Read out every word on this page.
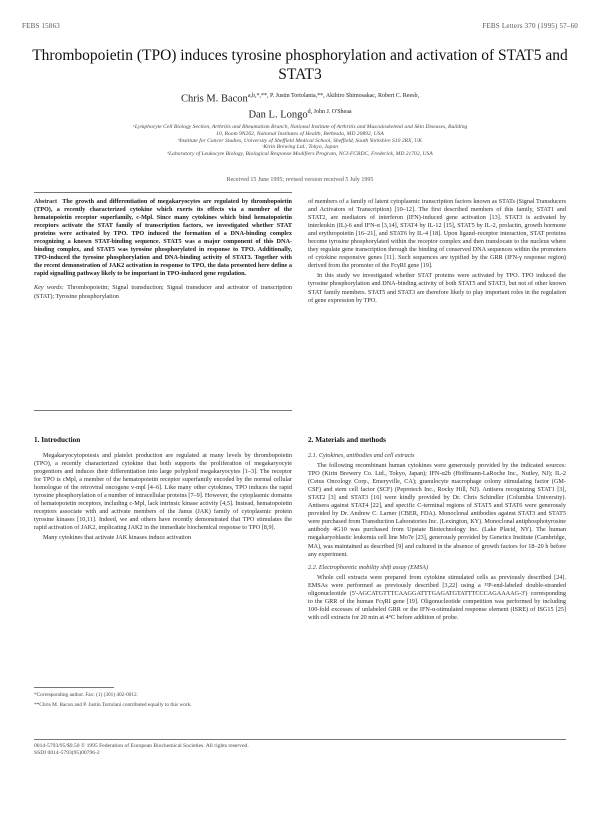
FEBS 15863	FEBS Letters 370 (1995) 57–60
Thrombopoietin (TPO) induces tyrosine phosphorylation and activation of STAT5 and STAT3
Chris M. Bacon$^{a,b,*,**, P. Justin Tortolania,**, Akihiro Shimosakac, Robert C. Reesb,}$
Dan L. Longo$^{d, John J. O'Sheaa}$
ᵃLymphocyte Cell Biology Section, Arthritis and Rheumatism Branch, National Institute of Arthritis and Musculoskeletal and Skin Diseases, Building
10, Room 9N262, National Institutes of Health, Bethesda, MD 20892, USA
ᵇInstitute for Cancer Studies, University of Sheffield Medical School, Sheffield, South Yorkshire S10 2RX, UK
ᶜKirin Brewing Ltd., Tokyo, Japan
ᵈLaboratory of Leukocyte Biology, Biological Response Modifiers Program, NCI-FCRDC, Frederick, MD 21702, USA
Received 15 June 1995; revised version received 5 July 1995

Abstract The growth and differentiation of megakaryocytes are regulated by thrombopoietin (TPO), a recently characterized cytokine which exerts its effects via a member of the hematopoietin receptor superfamily, c-Mpl. Since many cytokines which bind hematopoietin receptors activate the STAT family of transcription factors, we investigated whether STAT proteins were activated by TPO. TPO induced the formation of a DNA-binding complex recognizing a known STAT-binding sequence. STAT5 was a major component of this DNA-binding complex, and STAT5 was tyrosine phosphorylated in response to TPO. Additionally, TPO-induced the tyrosine phosphorylation and DNA-binding activity of STAT3. Together with the recent demonstration of JAK2 activation in response to TPO, the data presented here define a rapid signalling pathway likely to be important in TPO-induced gene regulation.

Key words: Thrombopoietin; Signal transduction; Signal transducer and activator of transcription (STAT); Tyrosine phosphorylation

of members of a family of latent cytoplasmic transcription factors known as STATs (Signal Transducers and Activators of Transcription) [10–12]. The first described members of this family, STAT1 and STAT2, are mediators of interferon (IFN)-induced gene activation [13]. STAT3 is activated by interleukin (IL)-6 and IFN-α [3,14], STAT4 by IL-12 [15], STAT5 by IL-2, prolactin, growth hormone and erythropoietin [16–21], and STAT6 by IL-4 [18]. Upon ligand–receptor interaction, STAT proteins become tyrosine phosphorylated within the receptor complex and then translocate to the nucleus where they regulate gene transcription through the binding of conserved DNA sequences within the promoters of cytokine responsive genes [11]. Such sequences are typified by the GRR (IFN-γ response region) derived from the promoter of the FcγRI gene [19].

In this study we investigated whether STAT proteins were activated by TPO. TPO induced the tyrosine phosphorylation and DNA-binding activity of both STAT5 and STAT3, but not of other known STAT family members. STAT5 and STAT3 are therefore likely to play important roles in the regulation of gene expression by TPO.

1. Introduction

Megakaryocytopoiesis and platelet production are regulated at many levels by thrombopoietin (TPO), a recently characterized cytokine that both supports the proliferation of megakaryocyte progenitors and induces their differentiation into large polyploid megakaryocytes [1–3]. The receptor for TPO is cMpl, a member of the hematopoietin receptor superfamily encoded by the normal cellular homologue of the retroviral oncogene v-mpl [4–6]. Like many other cytokines, TPO induces the rapid tyrosine phosphorylation of a number of intracellular proteins [7–9]. However, the cytoplasmic domains of hematopoietin receptors, including c-Mpl, lack intrinsic kinase activity [4,5]. Instead, hematopoietin receptors associate with and activate members of the Janus (JAK) family of cytoplasmic protein tyrosine kinases [10,11]. Indeed, we and others have recently demonstrated that TPO stimulates the rapid activation of JAK2, implicating JAK2 in the immediate biochemical response to TPO [8,9].

Many cytokines that activate JAK kinases induce activation

*Corresponding author. Fax: (1) (301) 402-0012.
**Chris M. Bacon and P. Justin Tortolani contributed equally to this work.
2. Materials and methods

2.1. Cytokines, antibodies and cell extracts

The following recombinant human cytokines were generously provided by the indicated sources: TPO (Kirin Brewery Co. Ltd., Tokyo, Japan); IFN-α2b (Hoffmann-LaRoche Inc., Nutley, NJ); IL-2 (Cetus Oncology Corp., Emeryville, CA); granulocyte macrophage colony stimulating factor (GM-CSF) and stem cell factor (SCF) (Peprotech Inc., Rocky Hill, NJ). Antisera recognizing STAT1 [3], STAT2 [3] and STAT3 [16] were kindly provided by Dr. Chris Schindler (Columbia University). Antisera against STAT4 [22], and specific C-terminal regions of STAT5 and STAT6 were generously provided by Dr. Andrew C. Larner (CBER, FDA). Monoclonal antibodies against STAT3 and STAT5 were purchased from Transduction Laboratories Inc. (Lexington, KY). Monoclonal antiphosphotyrosine antibody 4G10 was purchased from Upstate Biotechnology Inc. (Lake Placid, NY). The human megakaryoblastic leukemia cell line Mo7e [23], generously provided by Genetics Institute (Cambridge, MA), was maintained as described [9] and cultured in the absence of growth factors for 18–20 h before any experiment.

2.2. Electrophoretic mobility shift assay (EMSA)

Whole cell extracts were prepared from cytokine stimulated cells as previously described [24]. EMSAs were performed as previously described [3,22] using a ³²P-end-labeled double-stranded oligonucleotide (5'-AGCATGTTTCAAGGATTTGAGATGTATTTCCCAGAAAAG-3') corresponding to the GRR of the human FcγRI gene [19]. Oligonucleotide competition was performed by including 100-fold excesses of unlabeled GRR or the IFN-α-stimulated response element (ISRE) of ISG15 [25] with cell extracts for 20 min at 4°C before addition of probe.

0014-5793/95/$9.50 © 1995 Federation of European Biochemical Societies. All rights reserved.
SSDI 0014-5793(95)00796-2
